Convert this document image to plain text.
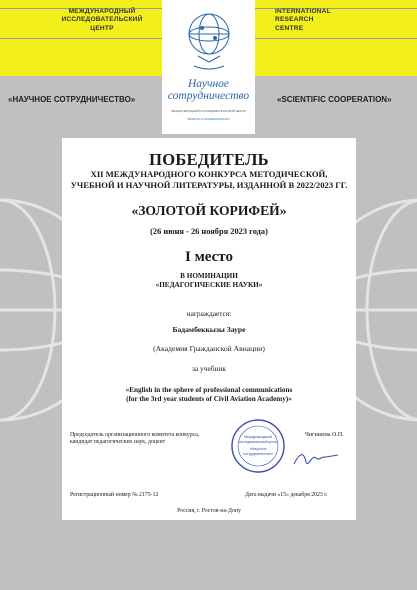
МЕЖДУНАРОДНЫЙ
ИССЛЕДОВАТЕЛЬСКИЙ
ЦЕНТР
INTERNATIONAL
RESEARCH
CENTRE
«НАУЧНОЕ СОТРУДНИЧЕСТВО»	«SCIENTIFIC COOPERATION»
Научное
сотрудничество
МЕЖДУНАРОДНЫЙ ИССЛЕДОВАТЕЛЬСКИЙ ЦЕНТР
WWW.SCI-COOPERATION.RU
ПОБЕДИТЕЛЬ
XII МЕЖДУНАРОДНОГО КОНКУРСА МЕТОДИЧЕСКОЙ,
УЧЕБНОЙ И НАУЧНОЙ ЛИТЕРАТУРЫ, ИЗДАННОЙ В 2022/2023 ГГ.
«ЗОЛОТОЙ КОРИФЕЙ»
(26 июня - 26 ноября 2023 года)
I место
В НОМИНАЦИИ
«ПЕДАГОГИЧЕСКИЕ НАУКИ»
награждается:
Бадамбеккызы Зауре
(Академия Гражданской Авиации)
за учебник
«English in the sphere of professional communications
(for the 3rd year students of Civil Aviation Academy)»
Председатель организационного комитета конкурса,
кандидат педагогических наук, доцент
Чигишева О.П.
Международный
исследовательский центр
«Научное
сотрудничество»
Регистрационный номер № 2175-12	Дата выдачи «15» декабря 2023 г.
Россия, г. Ростов-на-Дону
